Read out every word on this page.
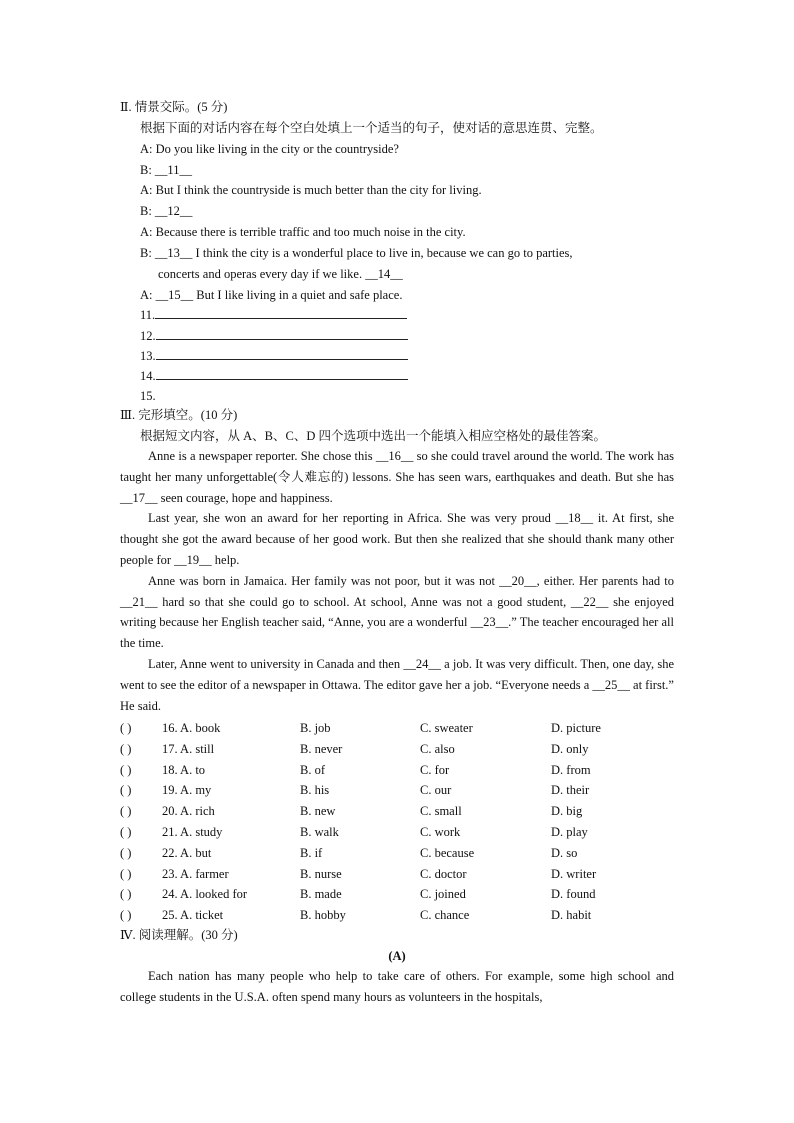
Ⅱ. 情景交际。(5 分)
根据下面的对话内容在每个空白处填上一个适当的句子，使对话的意思连贯、完整。
A: Do you like living in the city or the countryside?
B: __11__
A: But I think the countryside is much better than the city for living.
B: __12__
A: Because there is terrible traffic and too much noise in the city.
B: __13__ I think the city is a wonderful place to live in, because we can go to parties,
concerts and operas every day if we like. __14__
A: __15__ But I like living in a quiet and safe place.
11.
12.
13.
14.
15.
Ⅲ. 完形填空。(10 分)
根据短文内容，从 A、B、C、D 四个选项中选出一个能填入相应空格处的最佳答案。

Anne is a newspaper reporter. She chose this __16__ so she could travel around the world. The work has taught her many unforgettable(令人难忘的) lessons. She has seen wars, earthquakes and death. But she has __17__ seen courage, hope and happiness.

Last year, she won an award for her reporting in Africa. She was very proud __18__ it. At first, she thought she got the award because of her good work. But then she realized that she should thank many other people for __19__ help.

Anne was born in Jamaica. Her family was not poor, but it was not __20__, either. Her parents had to __21__ hard so that she could go to school. At school, Anne was not a good student, __22__ she enjoyed writing because her English teacher said, “Anne, you are a wonderful __23__.” The teacher encouraged her all the time.

Later, Anne went to university in Canada and then __24__ a job. It was very difficult. Then, one day, she went to see the editor of a newspaper in Ottawa. The editor gave her a job. “Everyone needs a __25__ at first.” He said.

( ) 16. A. book	B. job	C. sweater	D. picture
( ) 17. A. still	B. never	C. also	D. only
( ) 18. A. to	B. of	C. for	D. from
( ) 19. A. my	B. his	C. our	D. their
( ) 20. A. rich	B. new	C. small	D. big
( ) 21. A. study	B. walk	C. work	D. play
( ) 22. A. but	B. if	C. because	D. so
( ) 23. A. farmer	B. nurse	C. doctor	D. writer
( ) 24. A. looked for	B. made	C. joined	D. found
( ) 25. A. ticket	B. hobby	C. chance	D. habit
Ⅳ. 阅读理解。(30 分)
(A)

Each nation has many people who help to take care of others. For example, some high school and college students in the U.S.A. often spend many hours as volunteers in the hospitals,
